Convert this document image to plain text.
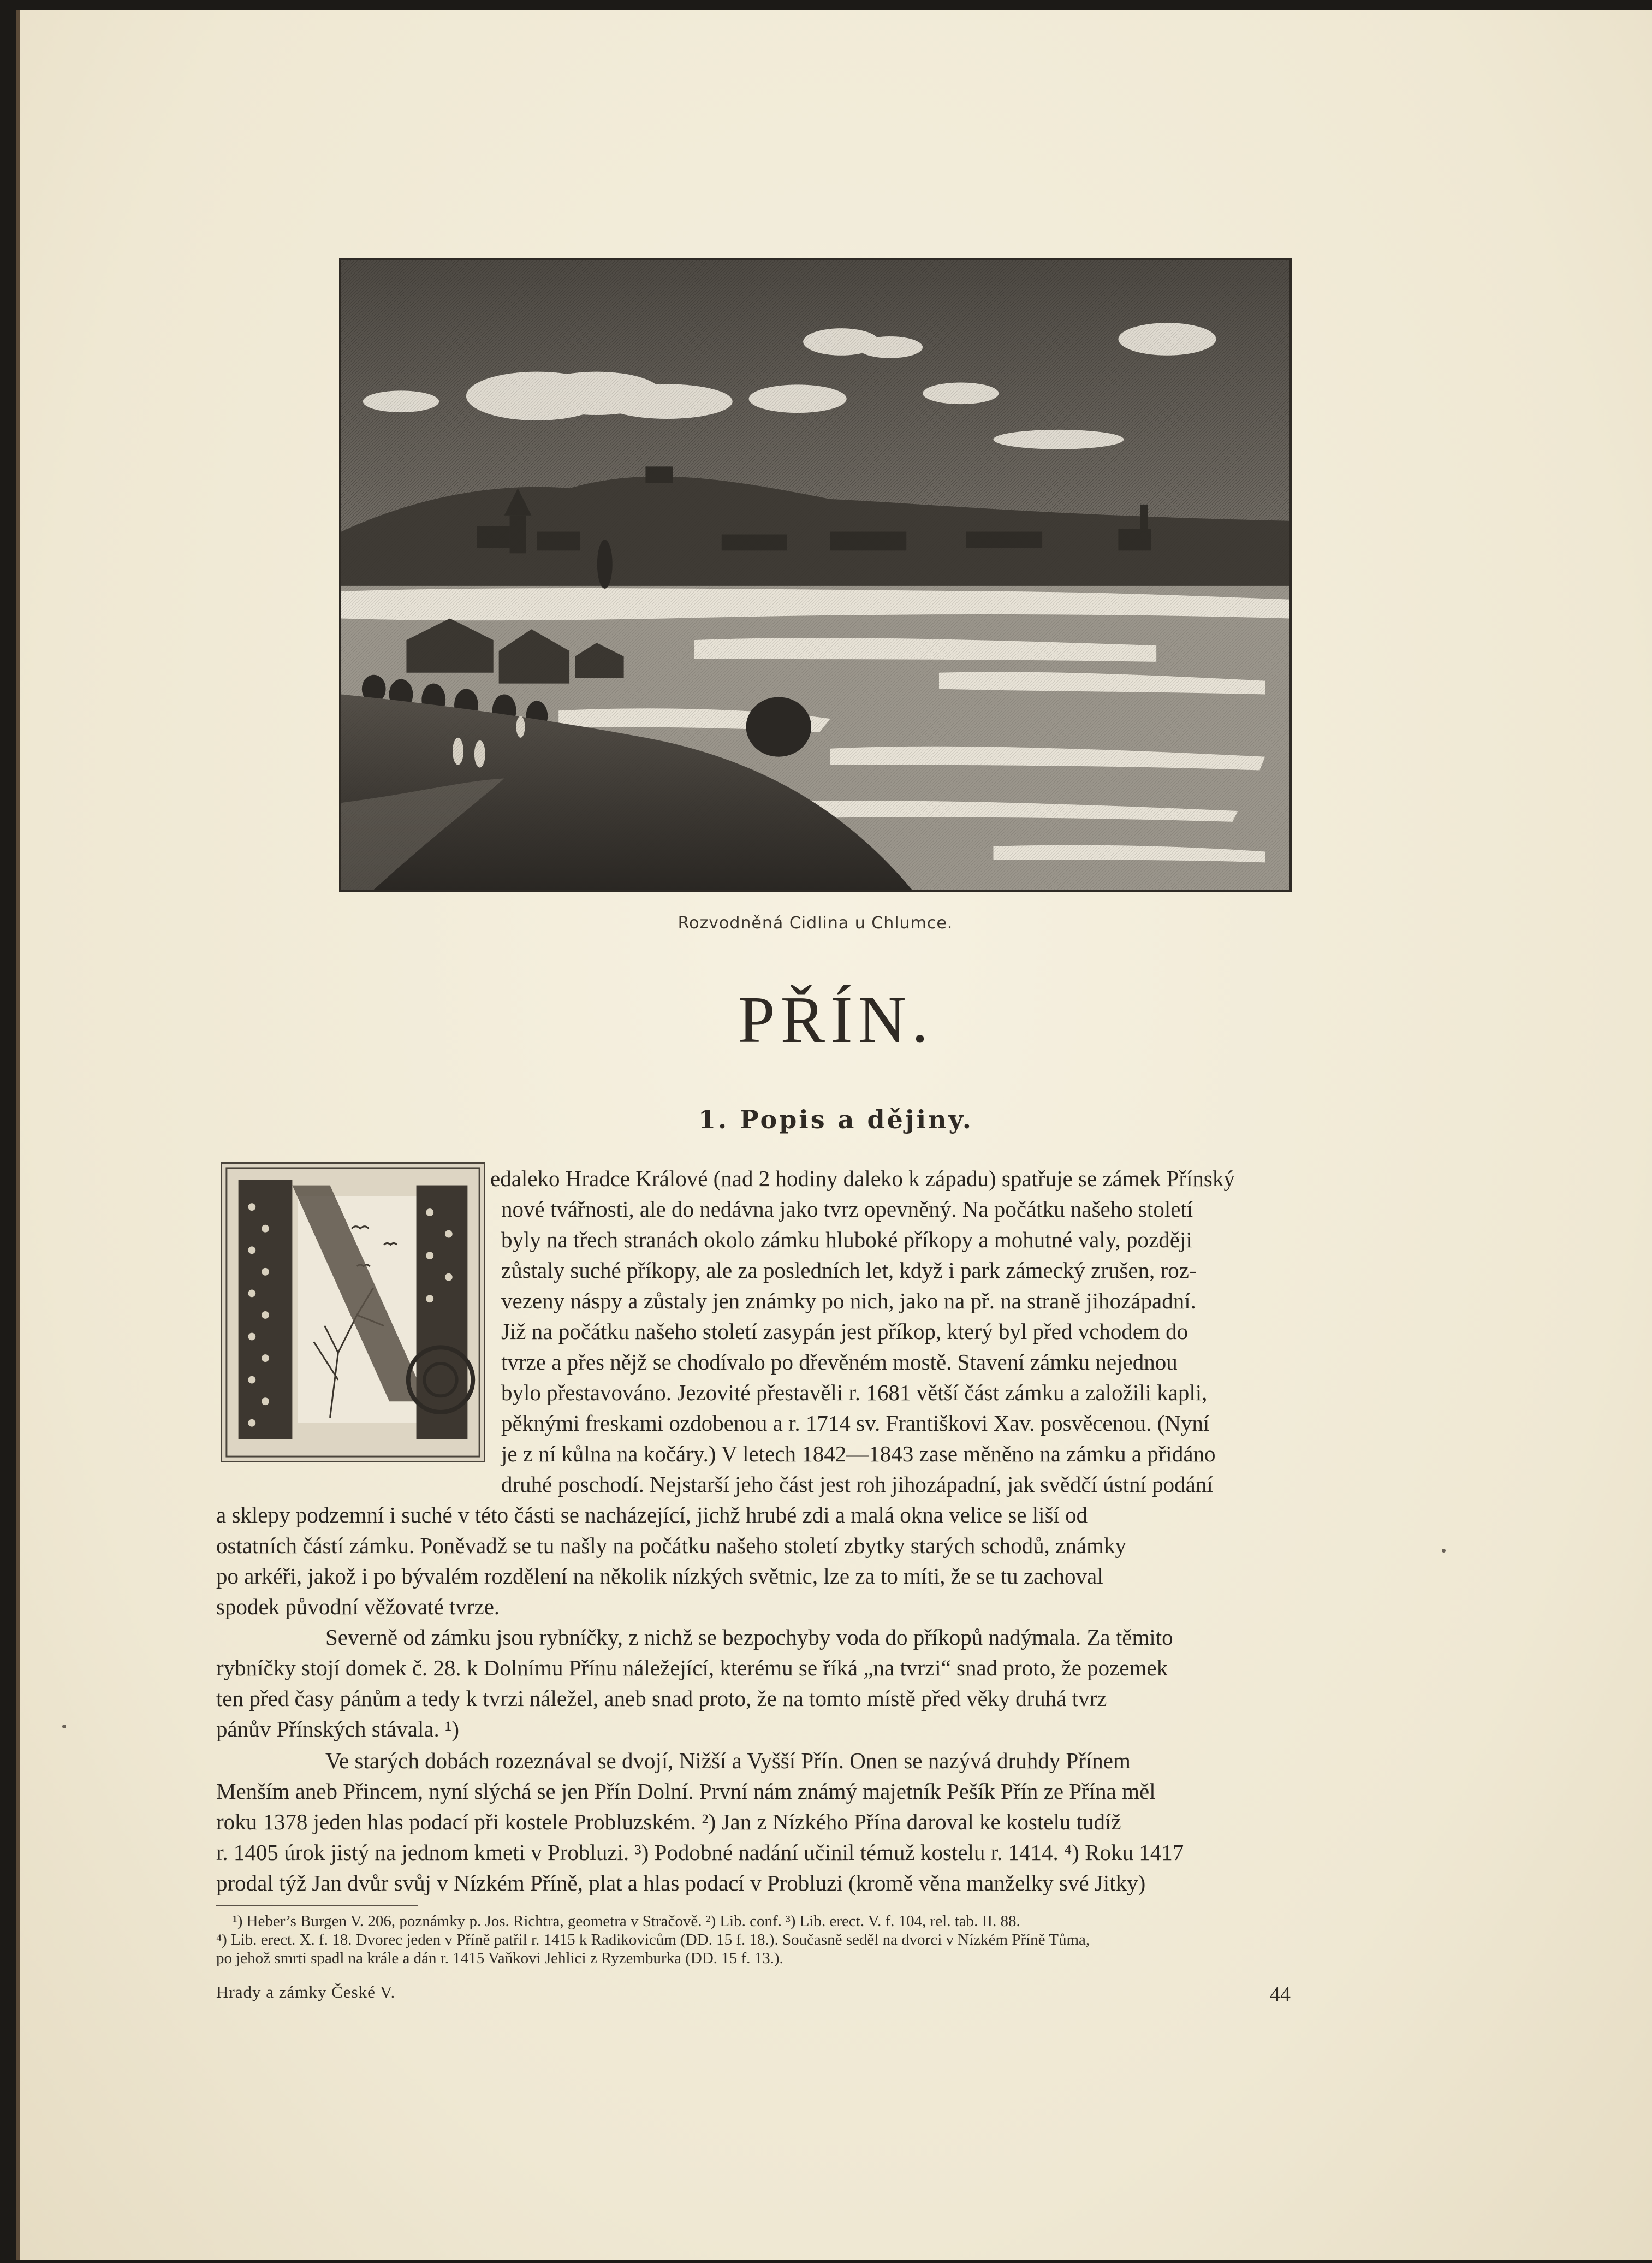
Rozvodněná Cidlina u Chlumce.
PŘÍN.
1. Popis a dějiny.
edaleko Hradce Králové (nad 2 hodiny daleko k západu) spatřuje se zámek Přínský
nové tvářnosti, ale do nedávna jako tvrz opevněný. Na počátku našeho století
byly na třech stranách okolo zámku hluboké příkopy a mohutné valy, později
zůstaly suché příkopy, ale za posledních let, když i park zámecký zrušen, roz-
vezeny náspy a zůstaly jen známky po nich, jako na př. na straně jihozápadní.
Již na počátku našeho století zasypán jest příkop, který byl před vchodem do
tvrze a přes nějž se chodívalo po dřevěném mostě. Stavení zámku nejednou
bylo přestavováno. Jezovité přestavěli r. 1681 větší část zámku a založili kapli,
pěknými freskami ozdobenou a r. 1714 sv. Františkovi Xav. posvěcenou. (Nyní
je z ní kůlna na kočáry.) V letech 1842—1843 zase měněno na zámku a přidáno
druhé poschodí. Nejstarší jeho část jest roh jihozápadní, jak svědčí ústní podání
a sklepy podzemní i suché v této části se nacházející, jichž hrubé zdi a malá okna velice se liší od
ostatních částí zámku. Poněvadž se tu našly na počátku našeho století zbytky starých schodů, známky
po arkéři, jakož i po bývalém rozdělení na několik nízkých světnic, lze za to míti, že se tu zachoval
spodek původní věžovaté tvrze.
Severně od zámku jsou rybníčky, z nichž se bezpochyby voda do příkopů nadýmala. Za těmito
rybníčky stojí domek č. 28. k Dolnímu Přínu náležející, kterému se říká „na tvrzi“ snad proto, že pozemek
ten před časy pánům a tedy k tvrzi náležel, aneb snad proto, že na tomto místě před věky druhá tvrz
pánův Přínských stávala. ¹)
Ve starých dobách rozeznával se dvojí, Nižší a Vyšší Přín. Onen se nazývá druhdy Přínem
Menším aneb Přincem, nyní slýchá se jen Přín Dolní. První nám známý majetník Pešík Přín ze Přína měl
roku 1378 jeden hlas podací při kostele Probluzském. ²) Jan z Nízkého Přína daroval ke kostelu tudíž
r. 1405 úrok jistý na jednom kmeti v Probluzi. ³) Podobné nadání učinil témuž kostelu r. 1414. ⁴) Roku 1417
prodal týž Jan dvůr svůj v Nízkém Příně, plat a hlas podací v Probluzi (kromě věna manželky své Jitky)
¹) Heber’s Burgen V. 206, poznámky p. Jos. Richtra, geometra v Stračově. ²) Lib. conf. ³) Lib. erect. V. f. 104, rel. tab. II. 88.
⁴) Lib. erect. X. f. 18. Dvorec jeden v Příně patřil r. 1415 k Radikovicům (DD. 15 f. 18.). Současně seděl na dvorci v Nízkém Příně Tůma,
po jehož smrti spadl na krále a dán r. 1415 Vaňkovi Jehlici z Ryzemburka (DD. 15 f. 13.).
Hrady a zámky České V.	44
